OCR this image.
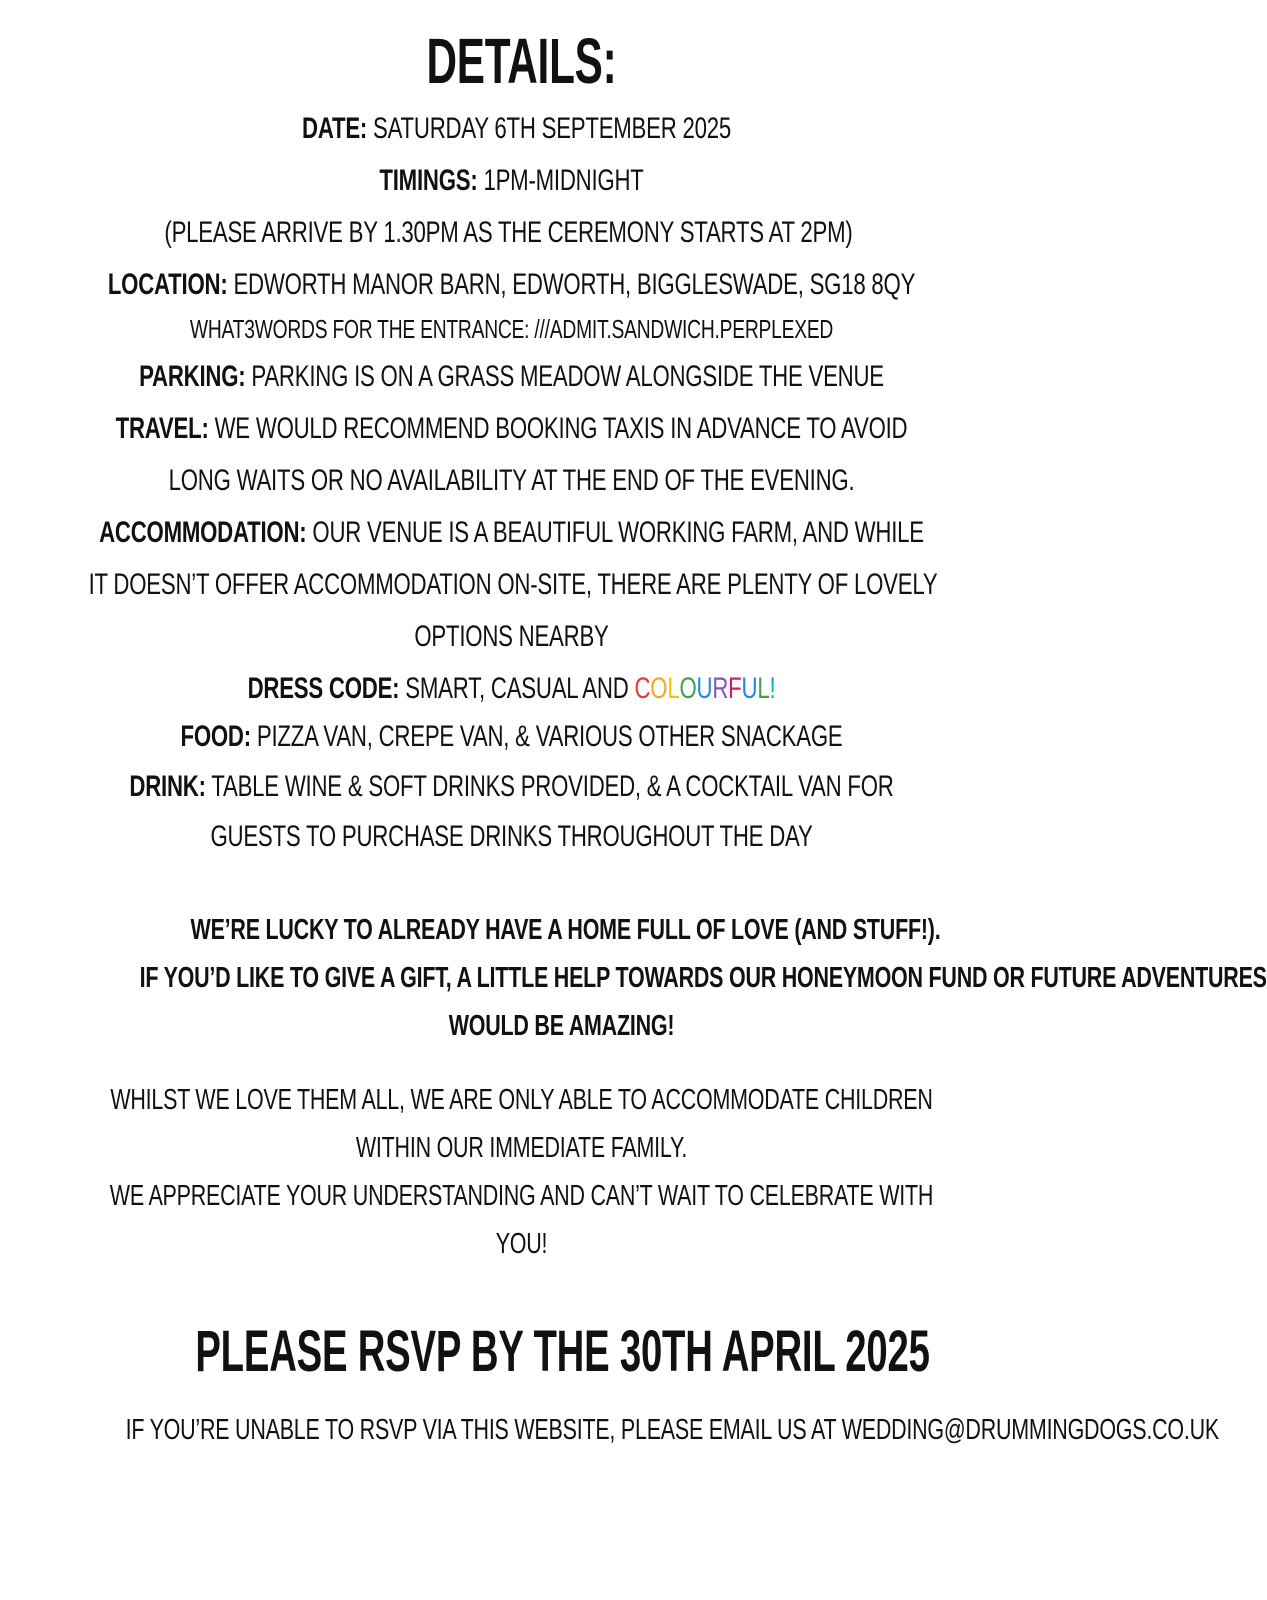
DETAILS:
DATE: SATURDAY 6TH SEPTEMBER 2025
TIMINGS: 1PM-MIDNIGHT
(PLEASE ARRIVE BY 1.30PM AS THE CEREMONY STARTS AT 2PM)
LOCATION: EDWORTH MANOR BARN, EDWORTH, BIGGLESWADE, SG18 8QY
WHAT3WORDS FOR THE ENTRANCE: ///ADMIT.SANDWICH.PERPLEXED
PARKING: PARKING IS ON A GRASS MEADOW ALONGSIDE THE VENUE
TRAVEL: WE WOULD RECOMMEND BOOKING TAXIS IN ADVANCE TO AVOID
LONG WAITS OR NO AVAILABILITY AT THE END OF THE EVENING.
ACCOMMODATION: OUR VENUE IS A BEAUTIFUL WORKING FARM, AND WHILE
IT DOESN’T OFFER ACCOMMODATION ON-SITE, THERE ARE PLENTY OF LOVELY
OPTIONS NEARBY
DRESS CODE: SMART, CASUAL AND COLOURFUL!
FOOD: PIZZA VAN, CREPE VAN, & VARIOUS OTHER SNACKAGE
DRINK: TABLE WINE & SOFT DRINKS PROVIDED, & A COCKTAIL VAN FOR
GUESTS TO PURCHASE DRINKS THROUGHOUT THE DAY
WE’RE LUCKY TO ALREADY HAVE A HOME FULL OF LOVE (AND STUFF!).
IF YOU’D LIKE TO GIVE A GIFT, A LITTLE HELP TOWARDS OUR HONEYMOON FUND OR FUTURE ADVENTURES
WOULD BE AMAZING!
WHILST WE LOVE THEM ALL, WE ARE ONLY ABLE TO ACCOMMODATE CHILDREN
WITHIN OUR IMMEDIATE FAMILY.
WE APPRECIATE YOUR UNDERSTANDING AND CAN’T WAIT TO CELEBRATE WITH
YOU!
PLEASE RSVP BY THE 30TH APRIL 2025
IF YOU’RE UNABLE TO RSVP VIA THIS WEBSITE, PLEASE EMAIL US AT WEDDING@DRUMMINGDOGS.CO.UK
